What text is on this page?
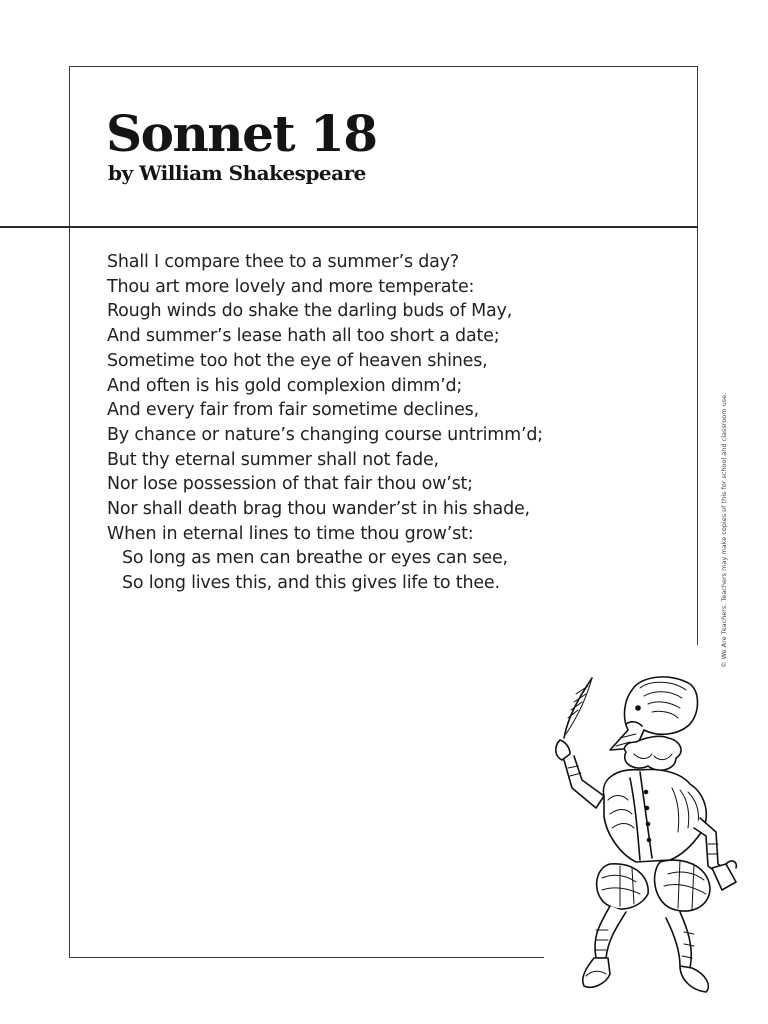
Sonnet 18
by William Shakespeare
Shall I compare thee to a summer’s day?
Thou art more lovely and more temperate:
Rough winds do shake the darling buds of May,
And summer’s lease hath all too short a date;
Sometime too hot the eye of heaven shines,
And often is his gold complexion dimm’d;
And every fair from fair sometime declines,
By chance or nature’s changing course untrimm’d;
But thy eternal summer shall not fade,
Nor lose possession of that fair thou ow’st;
Nor shall death brag thou wander’st in his shade,
When in eternal lines to time thou grow’st:
So long as men can breathe or eyes can see,
So long lives this, and this gives life to thee.	© We Are Teachers. Teachers may make copies of this for school and classroom use.
